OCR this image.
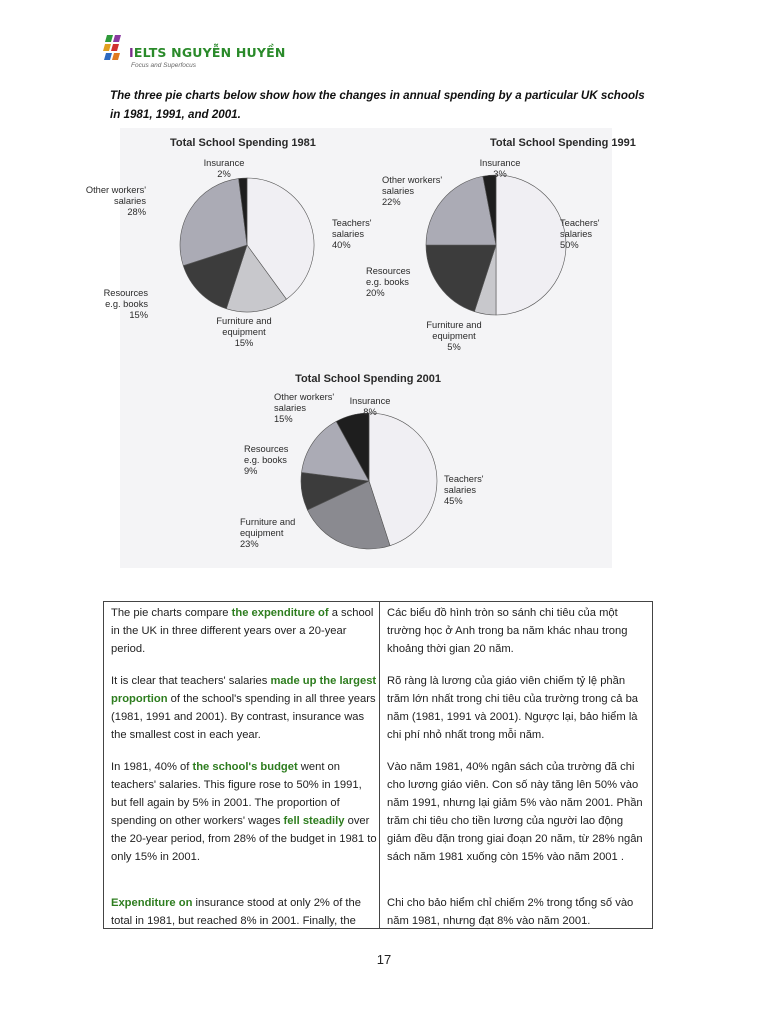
IELTS NGUYỄN HUYỀN
Focus and Superfocus
The three pie charts below show how the changes in annual spending by a particular UK schools in 1981, 1991, and 2001.
Total School Spending 1981
Teachers'
salaries
40%
Furniture and
equipment
15%
Resources
e.g. books
15%
Other workers'
salaries
28%
Insurance
2%
Total School Spending 1991
Teachers'
salaries
50%
Furniture and
equipment
5%
Resources
e.g. books
20%
Other workers'
salaries
22%
Insurance
3%
Total School Spending 2001
Teachers'
salaries
45%
Furniture and
equipment
23%
Resources
e.g. books
9%
Other workers'
salaries
15%
Insurance
8%
The pie charts compare the expenditure of a school in the UK in three different years over a 20-year period.
It is clear that teachers' salaries made up the largest proportion of the school's spending in all three years (1981, 1991 and 2001). By contrast, insurance was the smallest cost in each year.
In 1981, 40% of the school's budget went on teachers' salaries. This figure rose to 50% in 1991, but fell again by 5% in 2001. The proportion of spending on other workers' wages fell steadily over the 20-year period, from 28% of the budget in 1981 to only 15% in 2001.
Expenditure on insurance stood at only 2% of the total in 1981, but reached 8% in 2001. Finally, the
Các biểu đồ hình tròn so sánh chi tiêu của một trường học ở Anh trong ba năm khác nhau trong khoảng thời gian 20 năm.
Rõ ràng là lương của giáo viên chiếm tỷ lệ phần trăm lớn nhất trong chi tiêu của trường trong cả ba năm (1981, 1991 và 2001). Ngược lại, bảo hiểm là chi phí nhỏ nhất trong mỗi năm.
Vào năm 1981, 40% ngân sách của trường đã chi cho lương giáo viên. Con số này tăng lên 50% vào năm 1991, nhưng lại giảm 5% vào năm 2001. Phần trăm chi tiêu cho tiền lương của người lao động giảm đều đặn trong giai đoạn 20 năm, từ 28% ngân sách năm 1981 xuống còn 15% vào năm 2001 .
Chi cho bảo hiểm chỉ chiếm 2% trong tổng số vào năm 1981, nhưng đạt 8% vào năm 2001.
17
